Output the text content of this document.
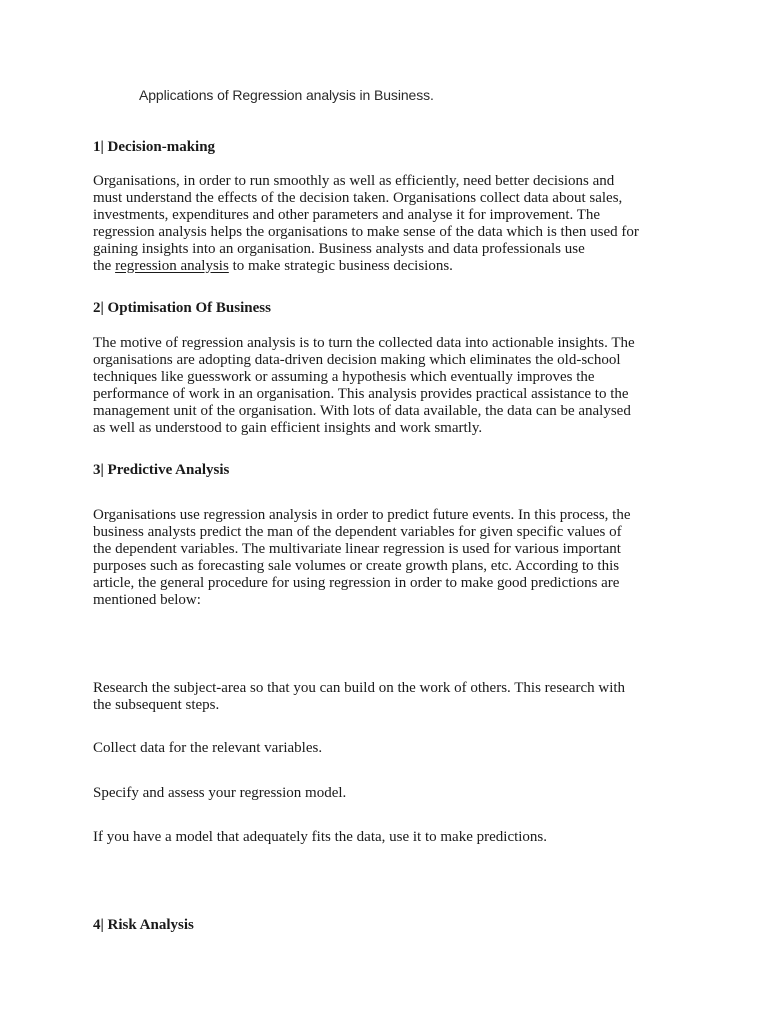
Applications of Regression analysis in Business.
1| Decision-making
Organisations, in order to run smoothly as well as efficiently, need better decisions and
must understand the effects of the decision taken. Organisations collect data about sales,
investments, expenditures and other parameters and analyse it for improvement. The
regression analysis helps the organisations to make sense of the data which is then used for
gaining insights into an organisation. Business analysts and data professionals use
the regression analysis to make strategic business decisions.
2| Optimisation Of Business
The motive of regression analysis is to turn the collected data into actionable insights. The
organisations are adopting data-driven decision making which eliminates the old-school
techniques like guesswork or assuming a hypothesis which eventually improves the
performance of work in an organisation. This analysis provides practical assistance to the
management unit of the organisation. With lots of data available, the data can be analysed
as well as understood to gain efficient insights and work smartly.
3| Predictive Analysis
Organisations use regression analysis in order to predict future events. In this process, the
business analysts predict the man of the dependent variables for given specific values of
the dependent variables. The multivariate linear regression is used for various important
purposes such as forecasting sale volumes or create growth plans, etc. According to this
article, the general procedure for using regression in order to make good predictions are
mentioned below:
Research the subject-area so that you can build on the work of others. This research with
the subsequent steps.
Collect data for the relevant variables.
Specify and assess your regression model.
If you have a model that adequately fits the data, use it to make predictions.
4| Risk Analysis
